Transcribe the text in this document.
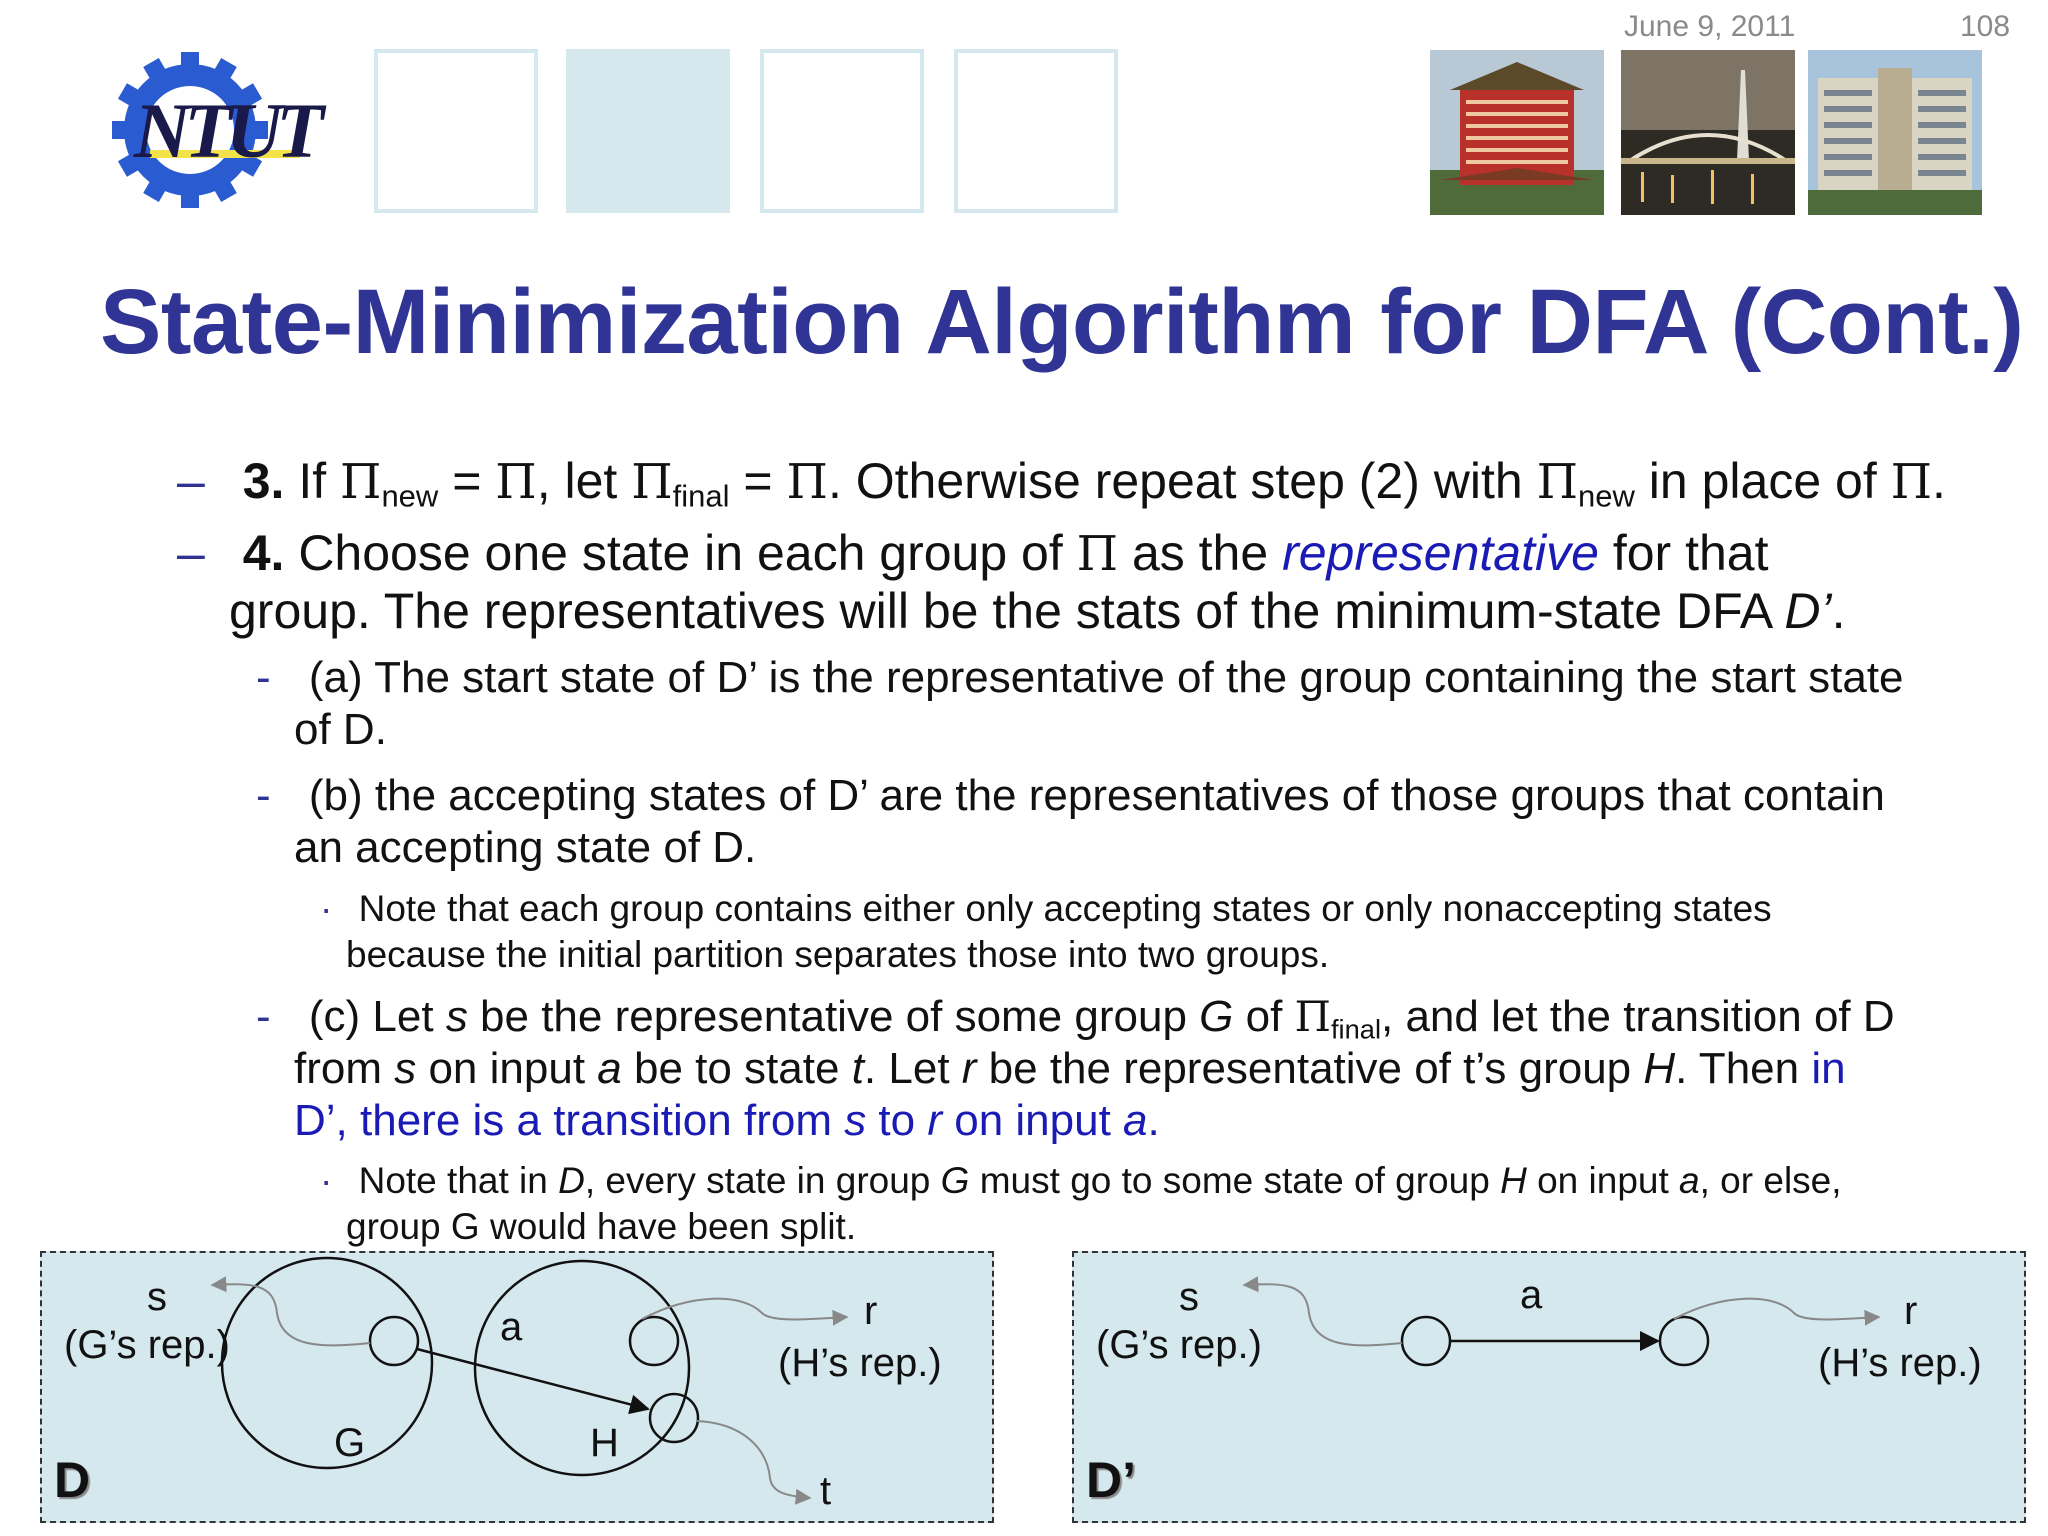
June 9, 2011	108
NTUT
State-Minimization Algorithm for DFA (Cont.)
– 3. If $\Pi_{new} = \Pi$, let $\Pi_{final} = \Pi$. Otherwise repeat step (2) with $\Pi_{new}$ in place of Π.
– 4. Choose one state in each group of Π as the representative for that
group. The representatives will be the stats of the minimum-state DFA D’.
- (a) The start state of D’ is the representative of the group containing the start state
of D.
- (b) the accepting states of D’ are the representatives of those groups that contain
an accepting state of D.
· Note that each group contains either only accepting states or only nonaccepting states
because the initial partition separates those into two groups.
- (c) Let s be the representative of some group G of $\Pi_{final}$, and let the transition of D
from s on input a be to state t. Let r be the representative of t’s group H. Then in
D’, there is a transition from s to r on input a.
· Note that in D, every state in group G must go to some state of group H on input a, or else,
group G would have been split.
s
(G’s rep.)	a	r
(H’s rep.)
G	H
t
D
s
(G’s rep.)
a	r
(H’s rep.)
D’
